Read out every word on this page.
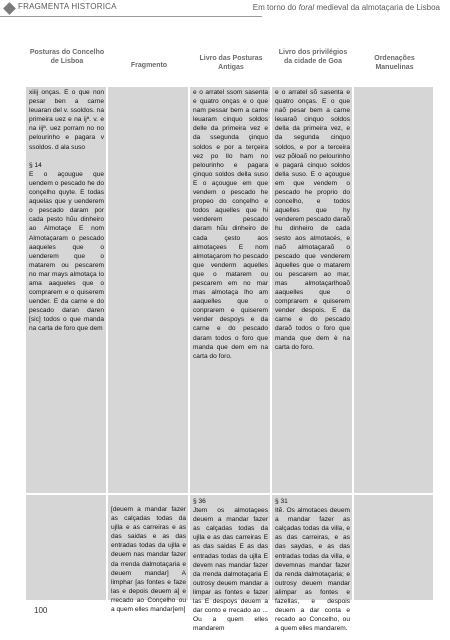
FRAGMENTA HISTORICA	Em torno do foral medieval da almotaçaria de Lisboa
Posturas do Concelho de Lisboa
Fragmento
Livro das Posturas Antigas
Livro dos privilégios da cidade de Goa	Ordenações Manuelinas
xiiij onças. E o que non pesar ben a carne leuaran del v. ssoldos. na primeira uez e na ijª. v. e na iijª. uez porram no no pelourinho e pagara v ssoldos. d ala suso

§ 14
E o açougue que uendem o pescado he do conçelho quyte. E todas aquelas que y uenderem o pescado daram por cada pesto hũu dinheiro ao Almotaçe E nom Almotaçaram o pescado aaqueles que o uenderem que o matarem ou pescarem no mar mays almotaça lo ama aaqueles que o comprarem e o quiserem uender. E da carne e do pescado daran daren [sic] todos o que manda na carta de foro que dem
e o arratel ssom sasenta e quatro onças e o que nam pessar bem a carne leuaram cinquo soldos delle da primeira vez e da ssegunda çinquo soldos e por a terçeira vez po llo ham no pelourinho e pagara çinquo soldos della suso E o açougue em que vendem o pescado he propeo do conçelho e todos aquelles que hi venderem pescado daram hũu dinheiro de cada çesto aos almotaçees E nom almotaçarom ho pescado que venderm aquelles que o matarem ou pescarem em no mar mas almotaça lho am aaquelles que o conprarem e quiserem vender despoys e da carne e do pescado daram todos o foro que manda que dem em na carta do foro.
e o arratel sõ sasenta e quatro onças. E o que naõ pesar bem a carne leuaraõ cinquo soldos della da primeira vez, e da segunda cinquo soldos, e por a terceira vez põloaõ no pelourinho e pagará cinquo soldos della suso. E o açougue em que vendem o pescado he proprio do concelho, e todos aquelles que hy venderem pescado daraõ hu dinheiro de cada sesto aos almotacés, e naõ almotaçaraõ o pescado que venderem àquelles que o matarem ou pescarem ao mar, mas almotaçarlhoaõ aaquelles que o comprarem e quiserem vender despois. E da carne e do pescado daraõ todos o foro que manda que dem è na carta do foro.
[deuem a mandar fazer as calçadas todas da ujlla e as carreiras e as das saidas e as das entradas todas da ujlla e deuem nas mandar fazer da rrenda dalmotaçaria e deuem mandar] A limphar [as fontes e faze las e depois deuem a] e rrecado ao Conçelho ou a quem elles mandar[em]
§ 36
Jtem os almotaçees deuem a mandar fazer as calçadas todas da ujlla e as das carreiras E as das saidas E as das entradas todas da ujlla E devem nas mandar fazer da rrenda dalmotaçaria E outrosy deuem mandar a limpar as fontes e fazer las E despoys deuem a dar conto e rrecado ao ... Ou a quem elles mandarem
§ 31
Itẽ. Os almotaces deuem a mandar fazer as calçadas todas da villa, e as das carreiras, e as das saydas, e as das entradas todas da villa, e devemnas mandar fazer da renda dalmotaçaria; e outrosy deuem mandar alimpar as fontes e fazellas, e despois deuem a dar conta e recado ao Concelho, ou a quem elles mandarem.
100
